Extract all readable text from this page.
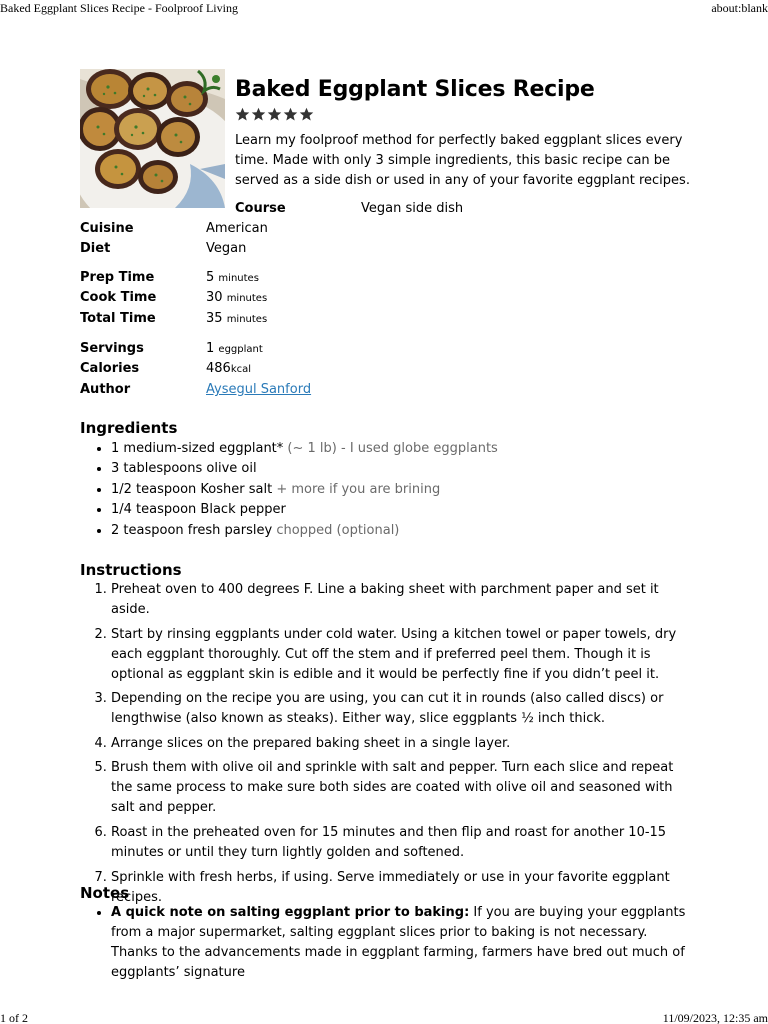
Baked Eggplant Slices Recipe - Foolproof Living	about:blank
Baked Eggplant Slices Recipe

Learn my foolproof method for perfectly baked eggplant slices every time. Made with only 3 simple ingredients, this basic recipe can be served as a side dish or used in any of your favorite eggplant recipes.

Course	Vegan side dish
Cuisine	American
Diet	Vegan
Prep Time	5 minutes
Cook Time	30 minutes
Total Time	35 minutes
Servings	1 eggplant
Calories	486kcal
Author	Aysegul Sanford
Ingredients
• 1 medium-sized eggplant* (~ 1 lb) - I used globe eggplants
• 3 tablespoons olive oil
• 1/2 teaspoon Kosher salt + more if you are brining
• 1/4 teaspoon Black pepper
• 2 teaspoon fresh parsley chopped (optional)
Instructions
1. Preheat oven to 400 degrees F. Line a baking sheet with parchment paper and set it aside.
2. Start by rinsing eggplants under cold water. Using a kitchen towel or paper towels, dry each eggplant thoroughly. Cut off the stem and if preferred peel them. Though it is optional as eggplant skin is edible and it would be perfectly fine if you didn’t peel it.
3. Depending on the recipe you are using, you can cut it in rounds (also called discs) or lengthwise (also known as steaks). Either way, slice eggplants ½ inch thick.
4. Arrange slices on the prepared baking sheet in a single layer.
5. Brush them with olive oil and sprinkle with salt and pepper. Turn each slice and repeat the same process to make sure both sides are coated with olive oil and seasoned with salt and pepper.
6. Roast in the preheated oven for 15 minutes and then flip and roast for another 10-15 minutes or until they turn lightly golden and softened.
7. Sprinkle with fresh herbs, if using. Serve immediately or use in your favorite eggplant recipes.
Notes
• A quick note on salting eggplant prior to baking: If you are buying your eggplants from a major supermarket, salting eggplant slices prior to baking is not necessary. Thanks to the advancements made in eggplant farming, farmers have bred out much of eggplants’ signature
1 of 2	11/09/2023, 12:35 am
